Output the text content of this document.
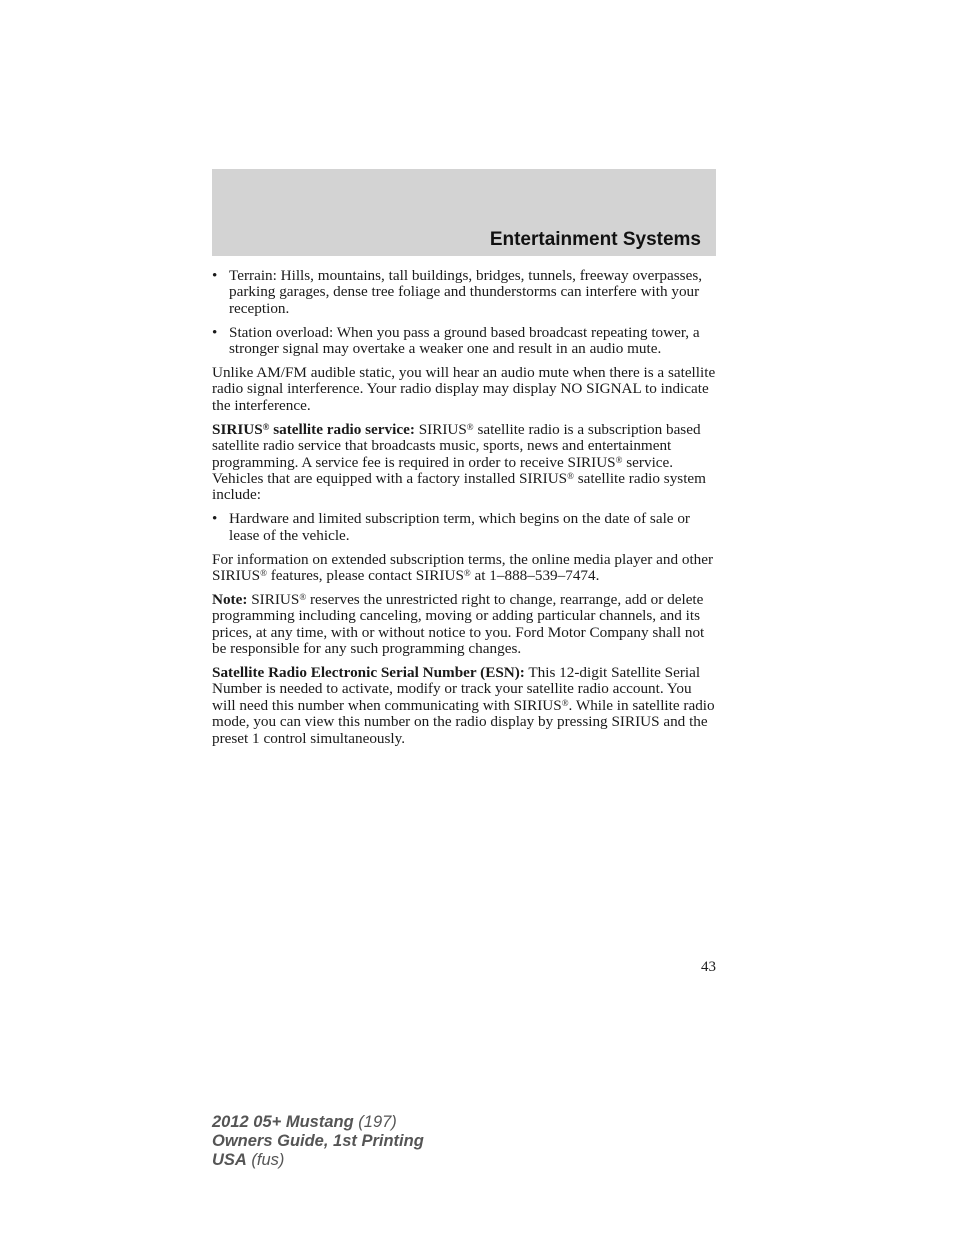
Entertainment Systems
• Terrain: Hills, mountains, tall buildings, bridges, tunnels, freeway overpasses, parking garages, dense tree foliage and thunderstorms can interfere with your reception.
• Station overload: When you pass a ground based broadcast repeating tower, a stronger signal may overtake a weaker one and result in an audio mute.

Unlike AM/FM audible static, you will hear an audio mute when there is a satellite radio signal interference. Your radio display may display NO SIGNAL to indicate the interference.

SIRIUS® satellite radio service: SIRIUS® satellite radio is a subscription based satellite radio service that broadcasts music, sports, news and entertainment programming. A service fee is required in order to receive SIRIUS® service. Vehicles that are equipped with a factory installed SIRIUS® satellite radio system include:

• Hardware and limited subscription term, which begins on the date of sale or lease of the vehicle.

For information on extended subscription terms, the online media player and other SIRIUS® features, please contact SIRIUS® at 1–888–539–7474.

Note: SIRIUS® reserves the unrestricted right to change, rearrange, add or delete programming including canceling, moving or adding particular channels, and its prices, at any time, with or without notice to you. Ford Motor Company shall not be responsible for any such programming changes.

Satellite Radio Electronic Serial Number (ESN): This 12-digit Satellite Serial Number is needed to activate, modify or track your satellite radio account. You will need this number when communicating with SIRIUS®. While in satellite radio mode, you can view this number on the radio display by pressing SIRIUS and the preset 1 control simultaneously.

43
2012 05+ Mustang (197)
Owners Guide, 1st Printing
USA (fus)
